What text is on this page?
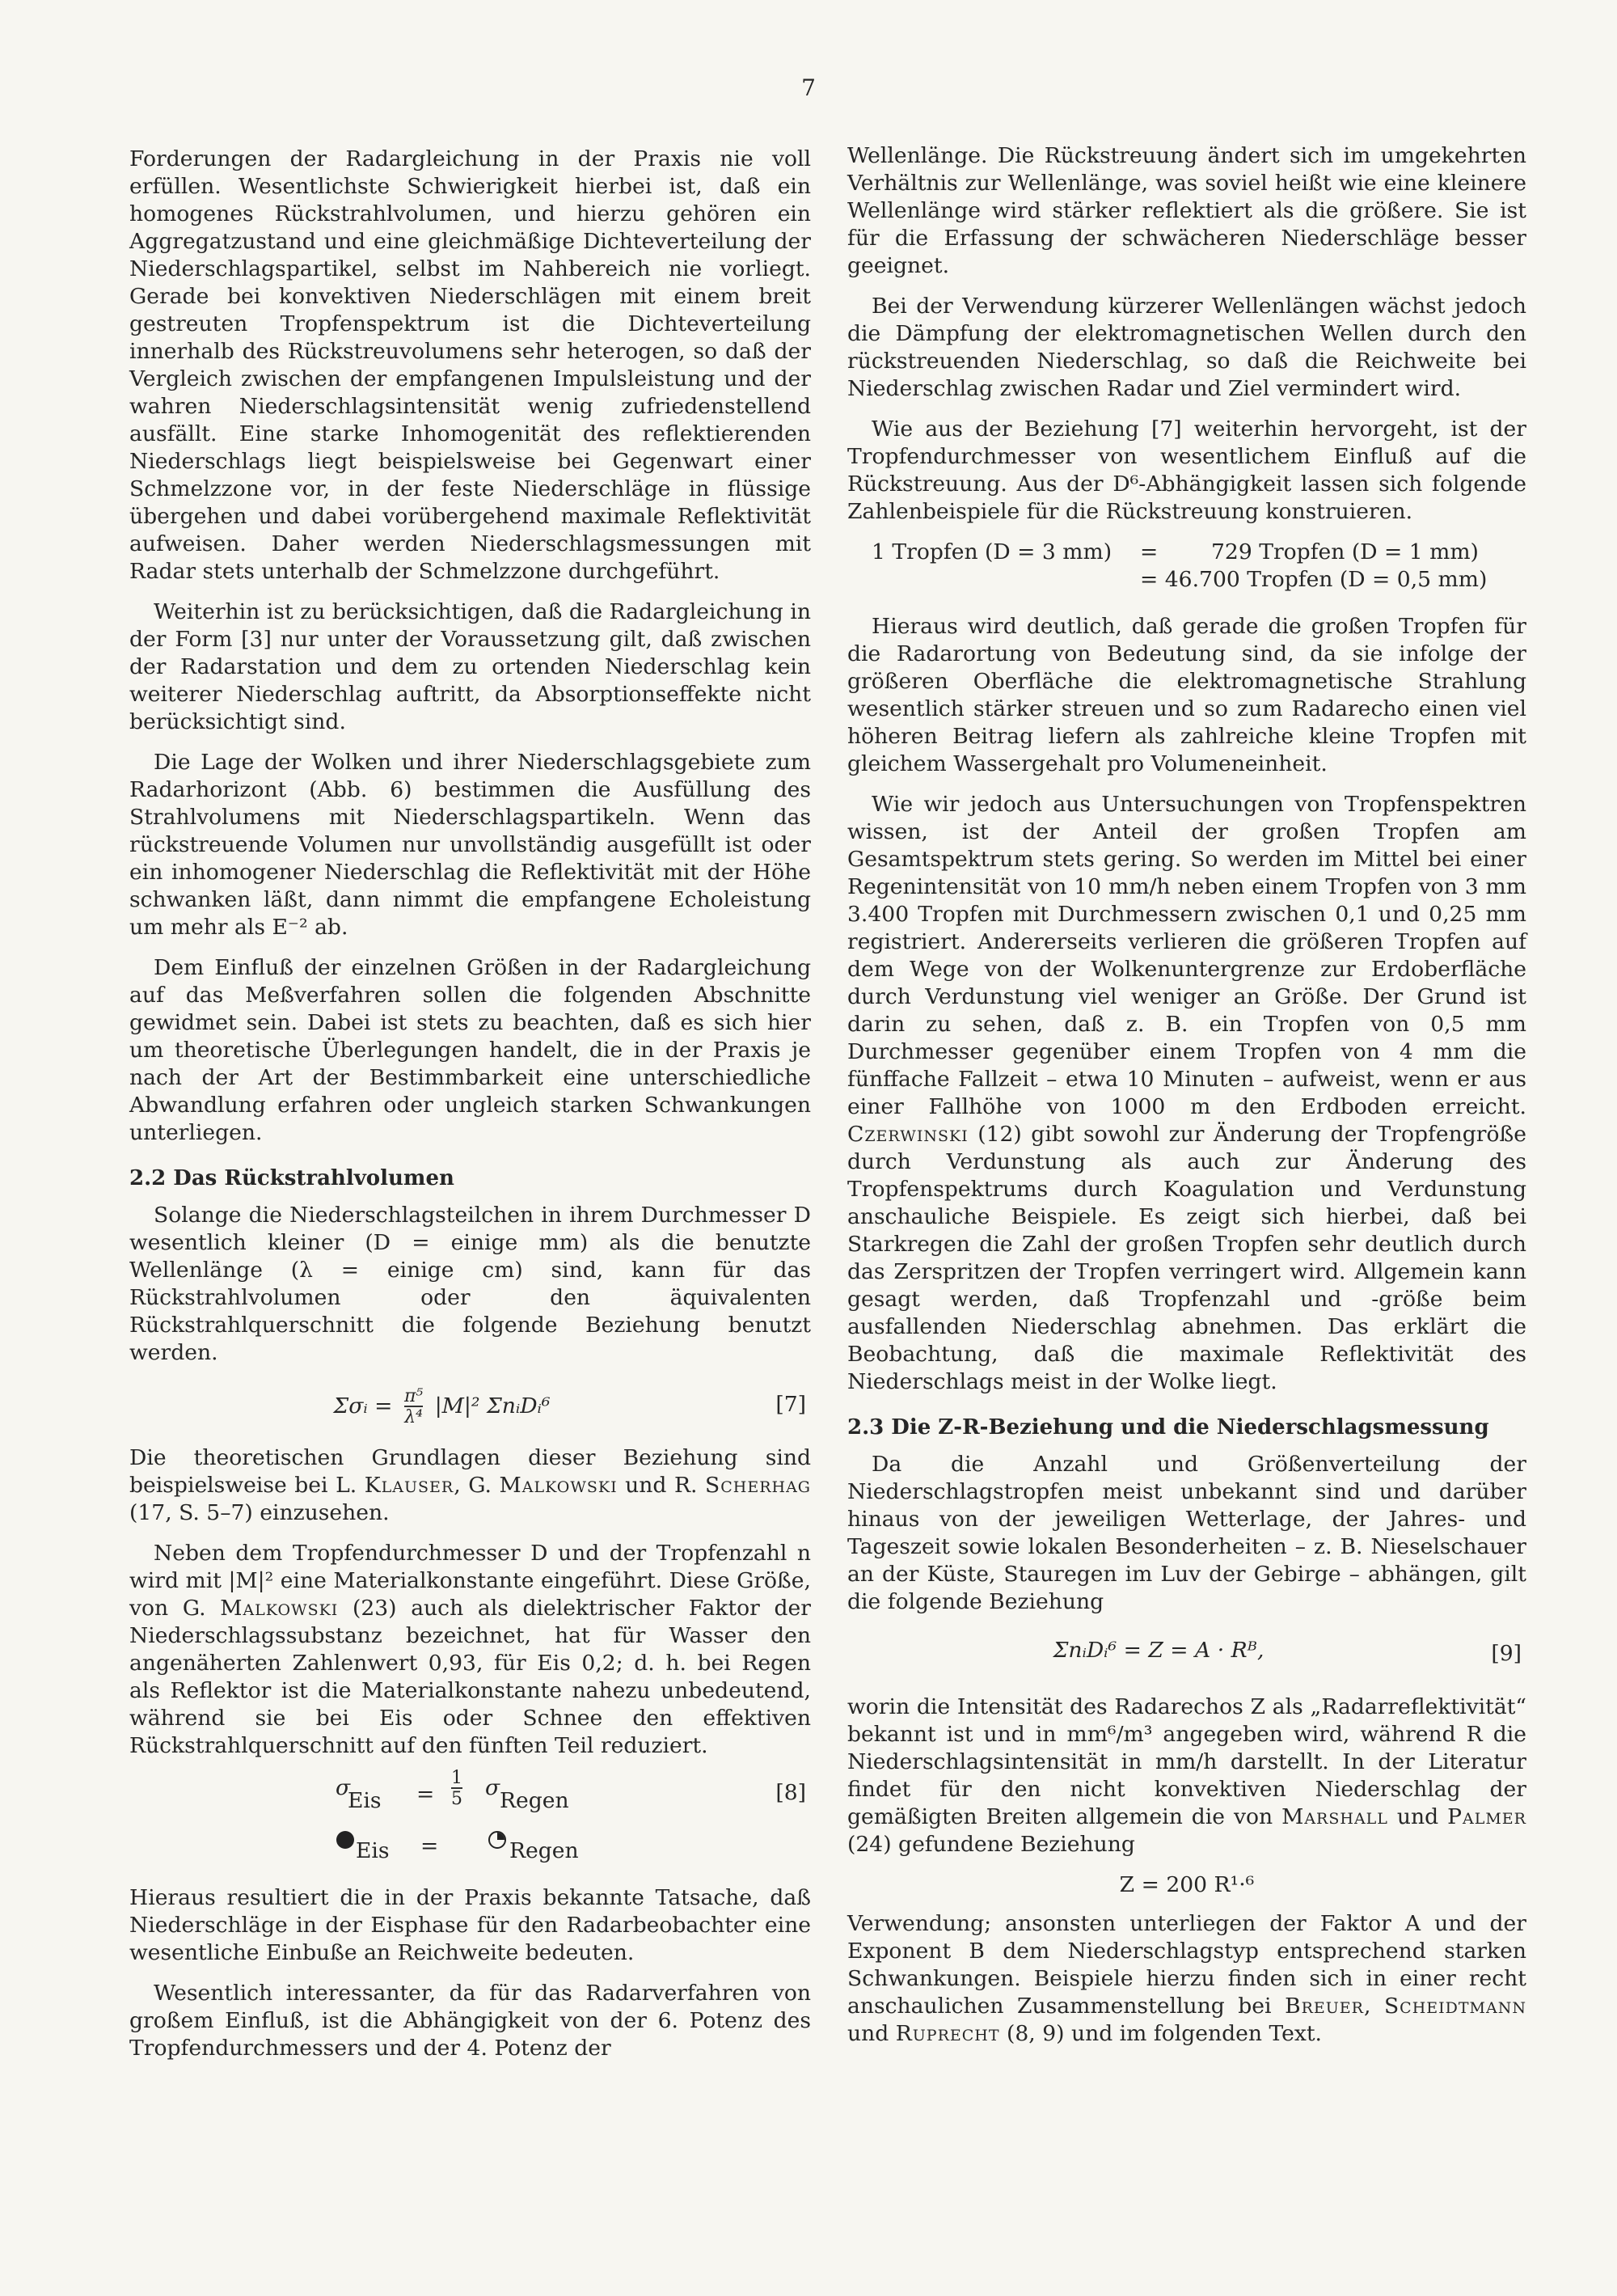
7

Forderungen der Radargleichung in der Praxis nie voll erfüllen. Wesentlichste Schwierigkeit hierbei ist, daß ein homogenes Rückstrahlvolumen, und hierzu gehören ein Aggregatzustand und eine gleichmäßige Dichteverteilung der Niederschlagspartikel, selbst im Nahbereich nie vorliegt. Gerade bei konvektiven Niederschlägen mit einem breit gestreuten Tropfenspektrum ist die Dichteverteilung innerhalb des Rückstreuvolumens sehr heterogen, so daß der Vergleich zwischen der empfangenen Impulsleistung und der wahren Niederschlagsintensität wenig zufriedenstellend ausfällt. Eine starke Inhomogenität des reflektierenden Niederschlags liegt beispielsweise bei Gegenwart einer Schmelzzone vor, in der feste Niederschläge in flüssige übergehen und dabei vorübergehend maximale Reflektivität aufweisen. Daher werden Niederschlagsmessungen mit Radar stets unterhalb der Schmelzzone durchgeführt.

Weiterhin ist zu berücksichtigen, daß die Radargleichung in der Form [3] nur unter der Voraussetzung gilt, daß zwischen der Radarstation und dem zu ortenden Niederschlag kein weiterer Niederschlag auftritt, da Absorptionseffekte nicht berücksichtigt sind.

Die Lage der Wolken und ihrer Niederschlagsgebiete zum Radarhorizont (Abb. 6) bestimmen die Ausfüllung des Strahlvolumens mit Niederschlagspartikeln. Wenn das rückstreuende Volumen nur unvollständig ausgefüllt ist oder ein inhomogener Niederschlag die Reflektivität mit der Höhe schwanken läßt, dann nimmt die empfangene Echoleistung um mehr als E⁻² ab.

Dem Einfluß der einzelnen Größen in der Radargleichung auf das Meßverfahren sollen die folgenden Abschnitte gewidmet sein. Dabei ist stets zu beachten, daß es sich hier um theoretische Überlegungen handelt, die in der Praxis je nach der Art der Bestimmbarkeit eine unterschiedliche Abwandlung erfahren oder ungleich starken Schwankungen unterliegen.

2.2 Das Rückstrahlvolumen

Solange die Niederschlagsteilchen in ihrem Durchmesser D wesentlich kleiner (D = einige mm) als die benutzte Wellenlänge (λ = einige cm) sind, kann für das Rückstrahlvolumen oder den äquivalenten Rückstrahlquerschnitt die folgende Beziehung benutzt werden.

Σσᵢ = $\frac{\text{π⁵}}{\text{λ⁴}} |M|^2$ ΣnᵢDᵢ⁶	[7]

Die theoretischen Grundlagen dieser Beziehung sind beispielsweise bei L. Klauser, G. Malkowski und R. Scherhag (17, S. 5–7) einzusehen.

Neben dem Tropfendurchmesser D und der Tropfenzahl n wird mit |M|² eine Materialkonstante eingeführt. Diese Größe, von G. Malkowski (23) auch als dielektrischer Faktor der Niederschlagssubstanz bezeichnet, hat für Wasser den angenäherten Zahlenwert 0,93, für Eis 0,2; d. h. bei Regen als Reflektor ist die Materialkonstante nahezu unbedeutend, während sie bei Eis oder Schnee den effektiven Rückstrahlquerschnitt auf den fünften Teil reduziert.

σ
Eis = $\frac{1}{5}$ σ
Regen	[8]
Eis =	Regen

Hieraus resultiert die in der Praxis bekannte Tatsache, daß Niederschläge in der Eisphase für den Radarbeobachter eine wesentliche Einbuße an Reichweite bedeuten.

Wesentlich interessanter, da für das Radarverfahren von großem Einfluß, ist die Abhängigkeit von der 6. Potenz des Tropfendurchmessers und der 4. Potenz der

Wellenlänge. Die Rückstreuung ändert sich im umgekehrten Verhältnis zur Wellenlänge, was soviel heißt wie eine kleinere Wellenlänge wird stärker reflektiert als die größere. Sie ist für die Erfassung der schwächeren Niederschläge besser geeignet.

Bei der Verwendung kürzerer Wellenlängen wächst jedoch die Dämpfung der elektromagnetischen Wellen durch den rückstreuenden Niederschlag, so daß die Reichweite bei Niederschlag zwischen Radar und Ziel vermindert wird.

Wie aus der Beziehung [7] weiterhin hervorgeht, ist der Tropfendurchmesser von wesentlichem Einfluß auf die Rückstreuung. Aus der D⁶-Abhängigkeit lassen sich folgende Zahlenbeispiele für die Rückstreuung konstruieren.

1 Tropfen (D = 3 mm) = 729 Tropfen (D = 1 mm)
= 46.700 Tropfen (D = 0,5 mm)

Hieraus wird deutlich, daß gerade die großen Tropfen für die Radarortung von Bedeutung sind, da sie infolge der größeren Oberfläche die elektromagnetische Strahlung wesentlich stärker streuen und so zum Radarecho einen viel höheren Beitrag liefern als zahlreiche kleine Tropfen mit gleichem Wassergehalt pro Volumeneinheit.

Wie wir jedoch aus Untersuchungen von Tropfenspektren wissen, ist der Anteil der großen Tropfen am Gesamtspektrum stets gering. So werden im Mittel bei einer Regenintensität von 10 mm/h neben einem Tropfen von 3 mm 3.400 Tropfen mit Durchmessern zwischen 0,1 und 0,25 mm registriert. Andererseits verlieren die größeren Tropfen auf dem Wege von der Wolkenuntergrenze zur Erdoberfläche durch Verdunstung viel weniger an Größe. Der Grund ist darin zu sehen, daß z. B. ein Tropfen von 0,5 mm Durchmesser gegenüber einem Tropfen von 4 mm die fünffache Fallzeit – etwa 10 Minuten – aufweist, wenn er aus einer Fallhöhe von 1000 m den Erdboden erreicht. Czerwinski (12) gibt sowohl zur Änderung der Tropfengröße durch Verdunstung als auch zur Änderung des Tropfenspektrums durch Koagulation und Verdunstung anschauliche Beispiele. Es zeigt sich hierbei, daß bei Starkregen die Zahl der großen Tropfen sehr deutlich durch das Zerspritzen der Tropfen verringert wird. Allgemein kann gesagt werden, daß Tropfenzahl und -größe beim ausfallenden Niederschlag abnehmen. Das erklärt die Beobachtung, daß die maximale Reflektivität des Niederschlags meist in der Wolke liegt.

2.3 Die Z-R-Beziehung und die Niederschlagsmessung

Da die Anzahl und Größenverteilung der Niederschlagstropfen meist unbekannt sind und darüber hinaus von der jeweiligen Wetterlage, der Jahres- und Tageszeit sowie lokalen Besonderheiten – z. B. Nieselschauer an der Küste, Stauregen im Luv der Gebirge – abhängen, gilt die folgende Beziehung

ΣnᵢDᵢ⁶ = Z = A · Rᴮ,	[9]

worin die Intensität des Radarechos Z als „Radarreflektivität“ bekannt ist und in mm⁶/m³ angegeben wird, während R die Niederschlagsintensität in mm/h darstellt. In der Literatur findet für den nicht konvektiven Niederschlag der gemäßigten Breiten allgemein die von Marshall und Palmer (24) gefundene Beziehung

Z = 200 R¹·⁶

Verwendung; ansonsten unterliegen der Faktor A und der Exponent B dem Niederschlagstyp entsprechend starken Schwankungen. Beispiele hierzu finden sich in einer recht anschaulichen Zusammenstellung bei Breuer, Scheidtmann und Ruprecht (8, 9) und im folgenden Text.
